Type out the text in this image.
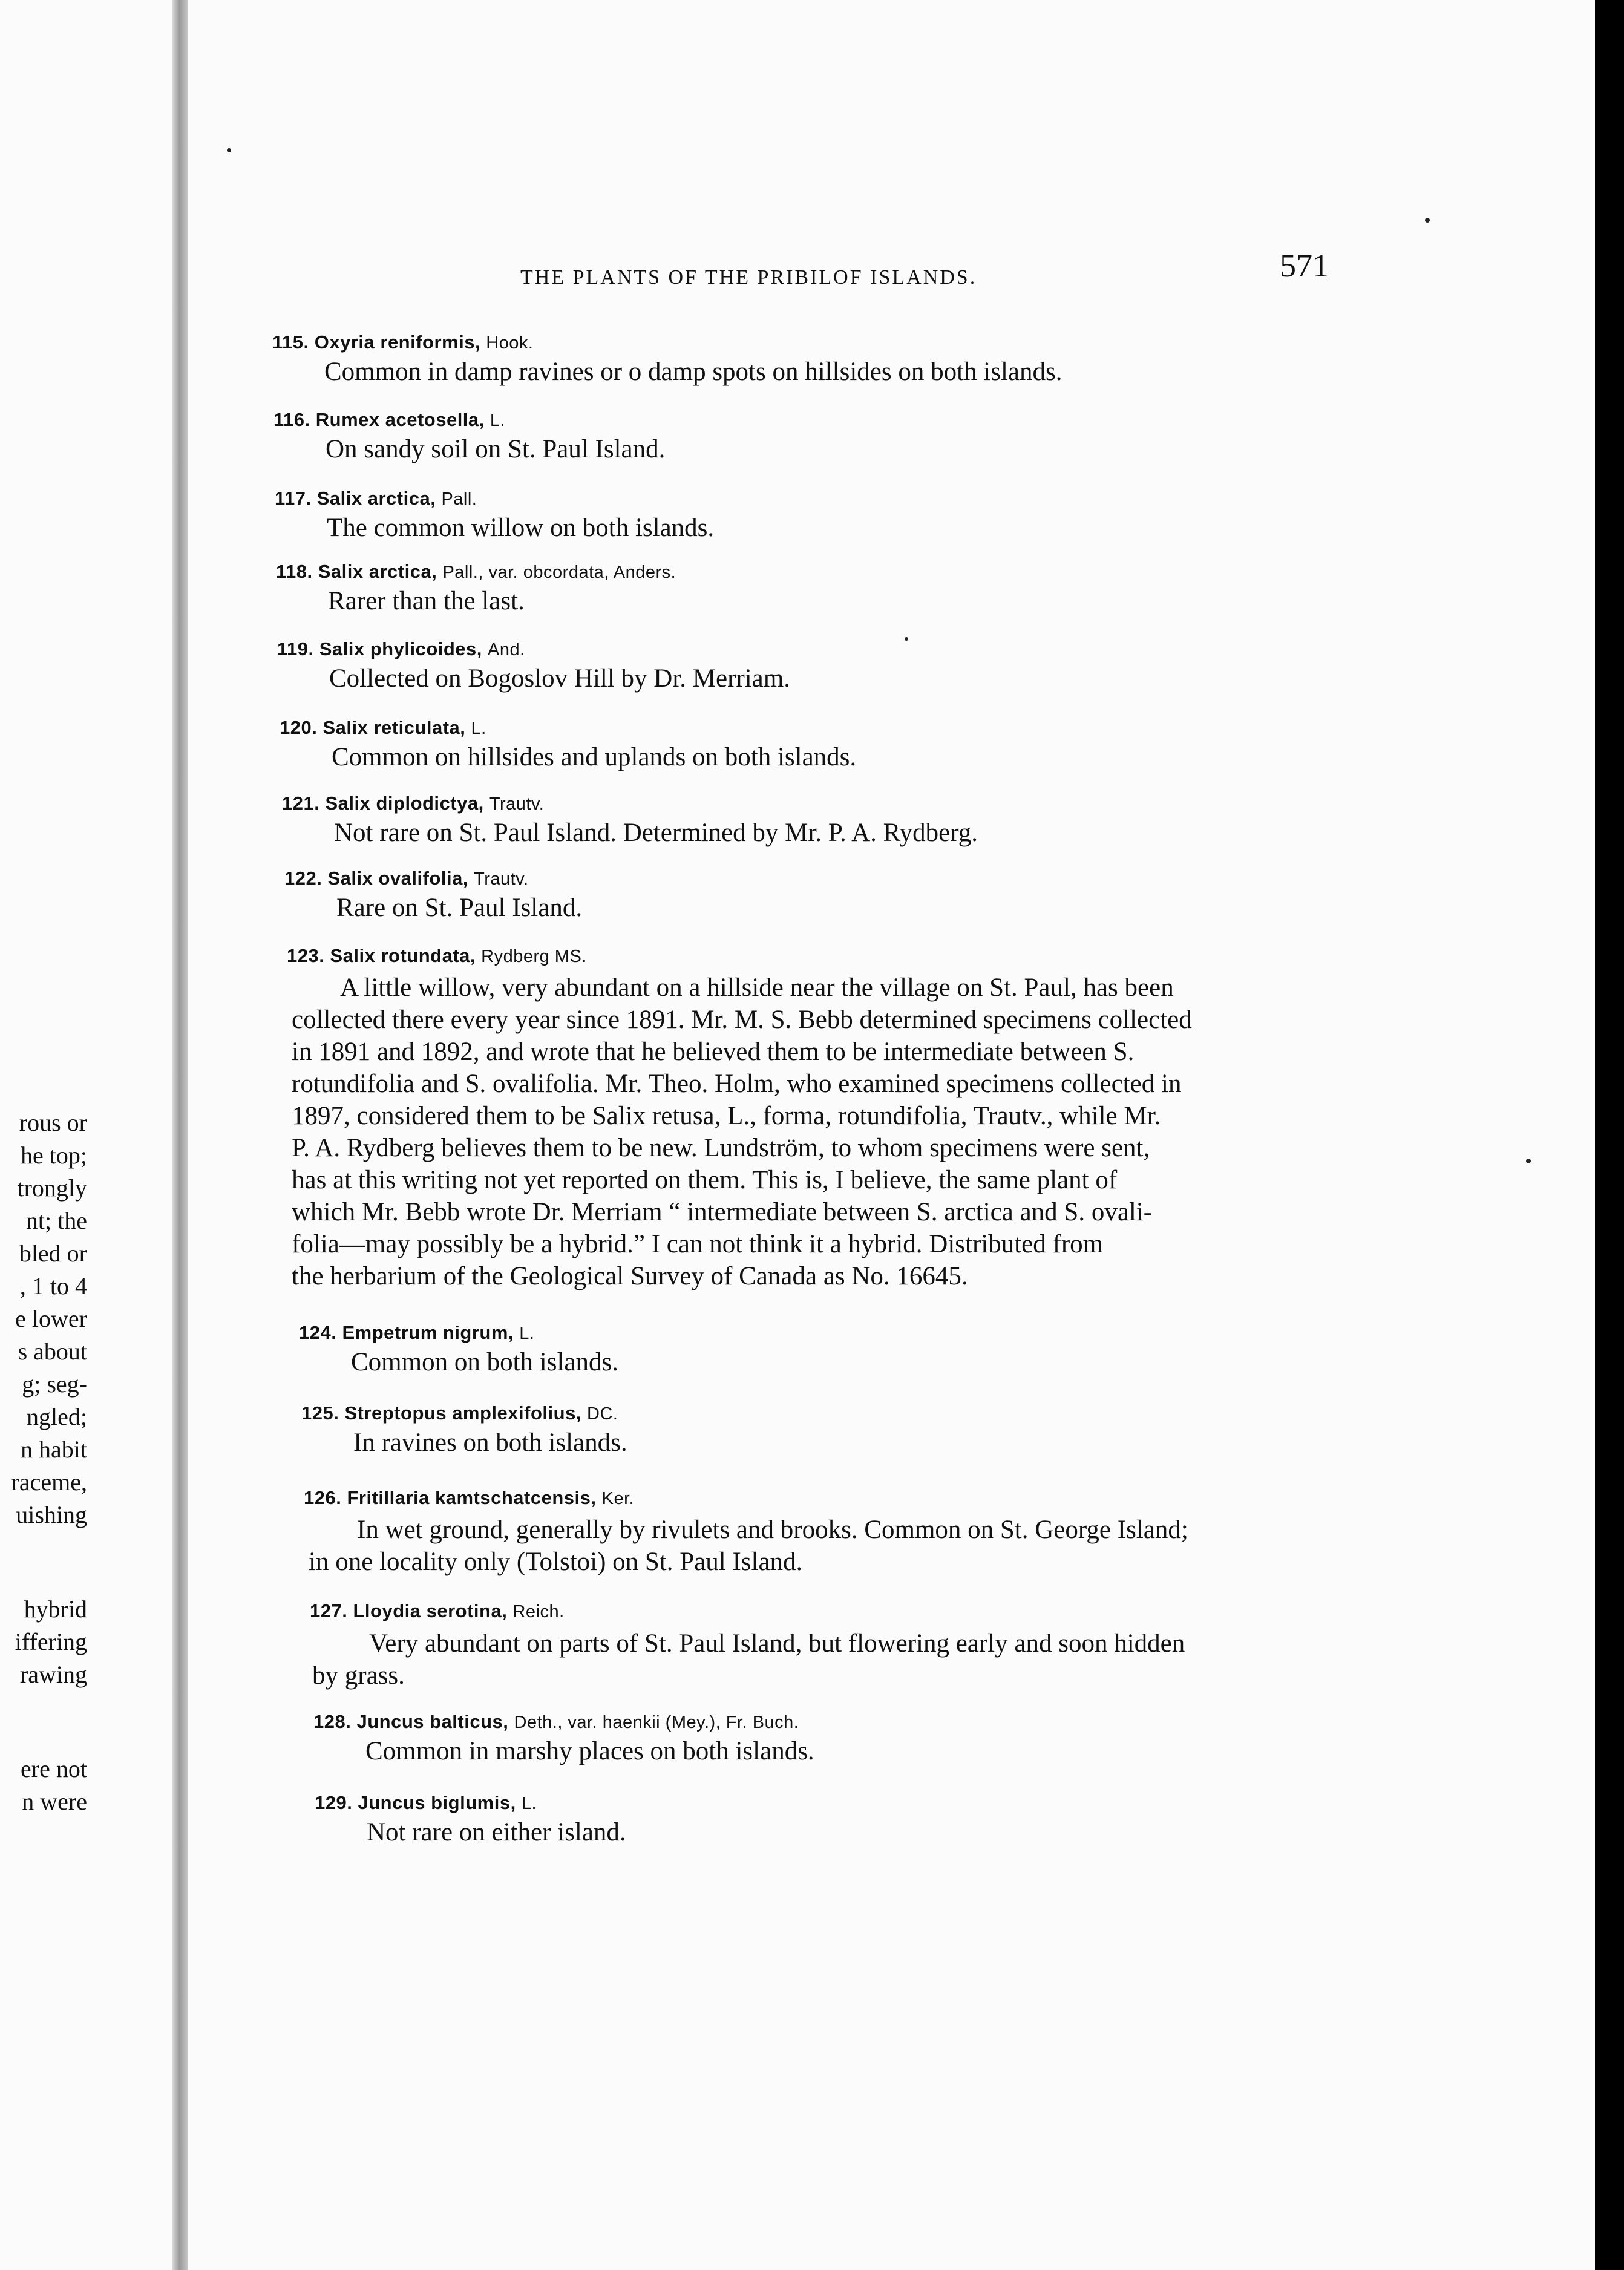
rous or
he top;
trongly
nt; the
bled or
, 1 to 4
e lower
s about
g; seg-
ngled;
n habit
raceme,
uishing
hybrid
iffering
rawing
ere not
n were
THE PLANTS OF THE PRIBILOF ISLANDS.	571
115. Oxyria reniformis, Hook.
Common in damp ravines or o damp spots on hillsides on both islands.
116. Rumex acetosella, L.
On sandy soil on St. Paul Island.
117. Salix arctica, Pall.
The common willow on both islands.
118. Salix arctica, Pall., var. obcordata, Anders.
Rarer than the last.
119. Salix phylicoides, And.
Collected on Bogoslov Hill by Dr. Merriam.
120. Salix reticulata, L.
Common on hillsides and uplands on both islands.
121. Salix diplodictya, Trautv.
Not rare on St. Paul Island. Determined by Mr. P. A. Rydberg.
122. Salix ovalifolia, Trautv.
Rare on St. Paul Island.
123. Salix rotundata, Rydberg MS.
A little willow, very abundant on a hillside near the village on St. Paul, has been
collected there every year since 1891. Mr. M. S. Bebb determined specimens collected
in 1891 and 1892, and wrote that he believed them to be intermediate between S.
rotundifolia and S. ovalifolia. Mr. Theo. Holm, who examined specimens collected in
1897, considered them to be Salix retusa, L., forma, rotundifolia, Trautv., while Mr.
P. A. Rydberg believes them to be new. Lundström, to whom specimens were sent,
has at this writing not yet reported on them. This is, I believe, the same plant of
which Mr. Bebb wrote Dr. Merriam “ intermediate between S. arctica and S. ovali-
folia—may possibly be a hybrid.” I can not think it a hybrid. Distributed from
the herbarium of the Geological Survey of Canada as No. 16645.
124. Empetrum nigrum, L.
Common on both islands.
125. Streptopus amplexifolius, DC.
In ravines on both islands.
126. Fritillaria kamtschatcensis, Ker.
In wet ground, generally by rivulets and brooks. Common on St. George Island;
in one locality only (Tolstoi) on St. Paul Island.
127. Lloydia serotina, Reich.
Very abundant on parts of St. Paul Island, but flowering early and soon hidden
by grass.
128. Juncus balticus, Deth., var. haenkii (Mey.), Fr. Buch.
Common in marshy places on both islands.
129. Juncus biglumis, L.
Not rare on either island.
